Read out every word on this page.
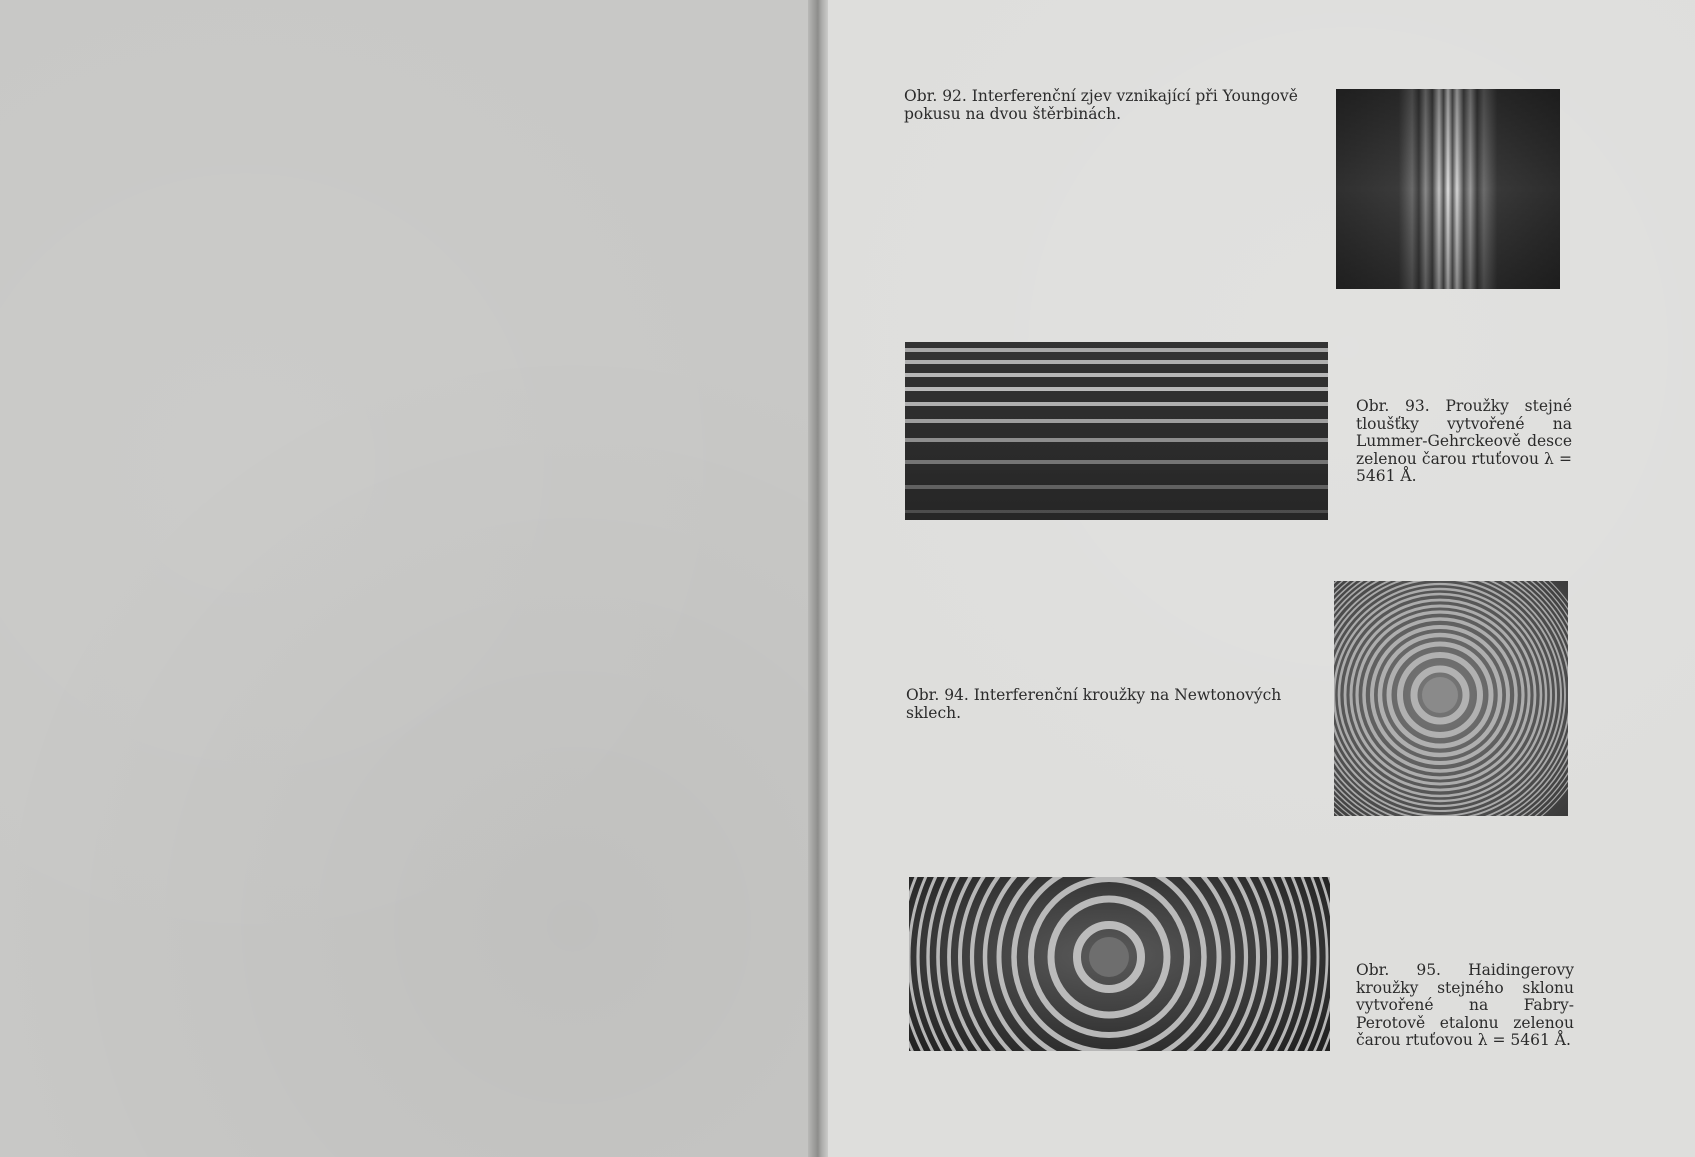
Obr. 92. Interferenční zjev vznikající při Youngově pokusu na dvou štěrbinách.

Obr. 93. Proužky stejné tloušťky vytvořené na Lummer-Gehrckeově desce zelenou čarou rtuťovou λ = 5461 Å.

Obr. 94. Interferenční kroužky na Newtonových sklech.

Obr. 95. Haidingerovy kroužky stejného sklonu vytvořené na Fabry-Perotově etalonu zelenou čarou rtuťovou λ = 5461 Å.
